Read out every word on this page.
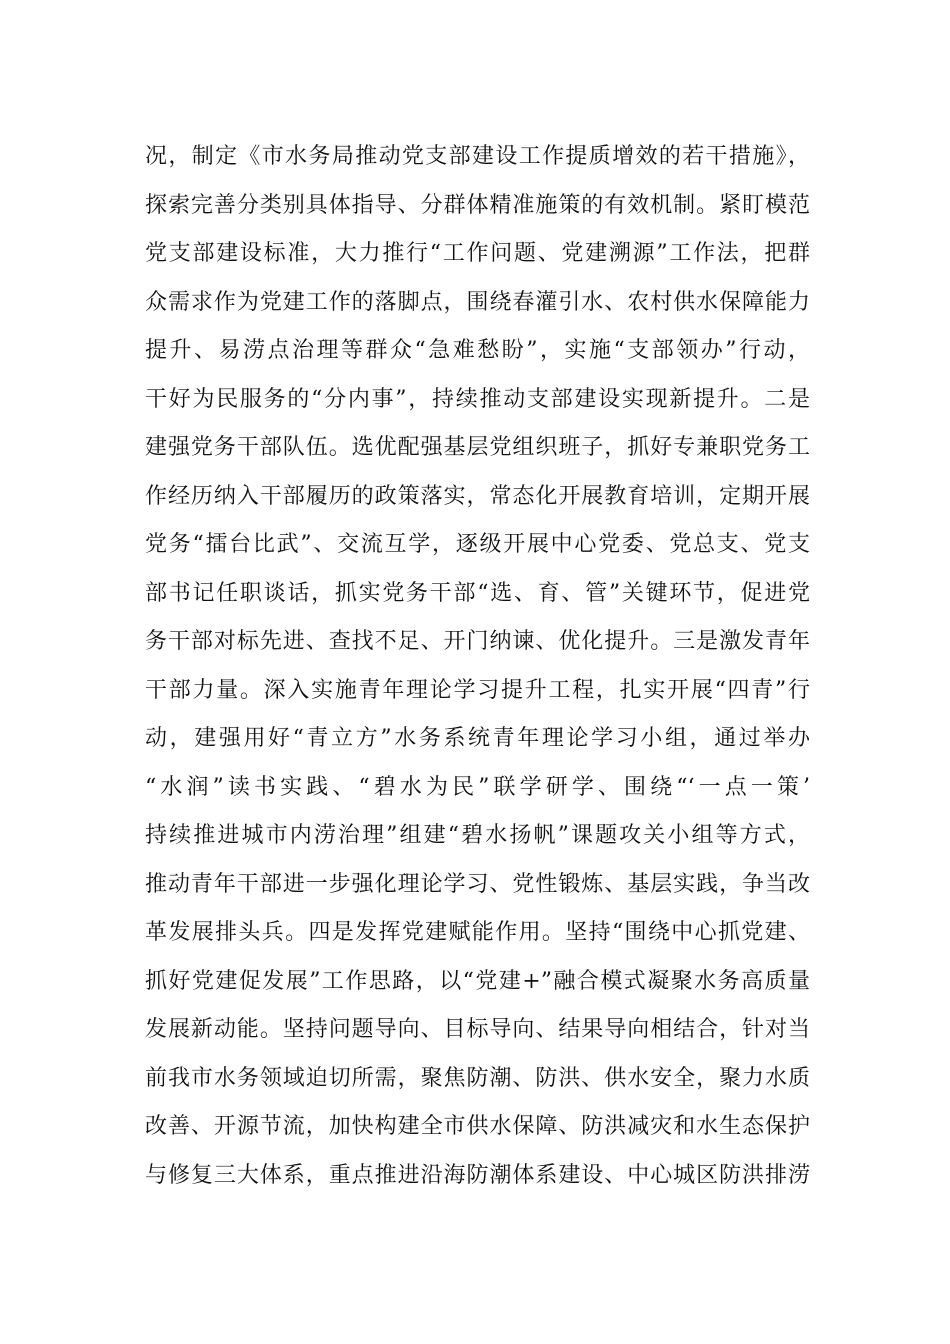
况，制定《市水务局推动党支部建设工作提质增效的若干措施》，
探索完善分类别具体指导、分群体精准施策的有效机制。紧盯模范
党支部建设标准，大力推行“工作问题、党建溯源”工作法，把群
众需求作为党建工作的落脚点，围绕春灌引水、农村供水保障能力
提升、易涝点治理等群众“急难愁盼”，实施“支部领办”行动，
干好为民服务的“分内事”，持续推动支部建设实现新提升。二是
建强党务干部队伍。选优配强基层党组织班子，抓好专兼职党务工
作经历纳入干部履历的政策落实，常态化开展教育培训，定期开展
党务“擂台比武”、交流互学，逐级开展中心党委、党总支、党支
部书记任职谈话，抓实党务干部“选、育、管”关键环节，促进党
务干部对标先进、查找不足、开门纳谏、优化提升。三是激发青年
干部力量。深入实施青年理论学习提升工程，扎实开展“四青”行
动，建强用好“青立方”水务系统青年理论学习小组，通过举办
“水润”读书实践、“碧水为民”联学研学、围绕“‘一点一策’
持续推进城市内涝治理”组建“碧水扬帆”课题攻关小组等方式，
推动青年干部进一步强化理论学习、党性锻炼、基层实践，争当改
革发展排头兵。四是发挥党建赋能作用。坚持“围绕中心抓党建、
抓好党建促发展”工作思路，以“党建+”融合模式凝聚水务高质量
发展新动能。坚持问题导向、目标导向、结果导向相结合，针对当
前我市水务领域迫切所需，聚焦防潮、防洪、供水安全，聚力水质
改善、开源节流，加快构建全市供水保障、防洪减灾和水生态保护
与修复三大体系，重点推进沿海防潮体系建设、中心城区防洪排涝
